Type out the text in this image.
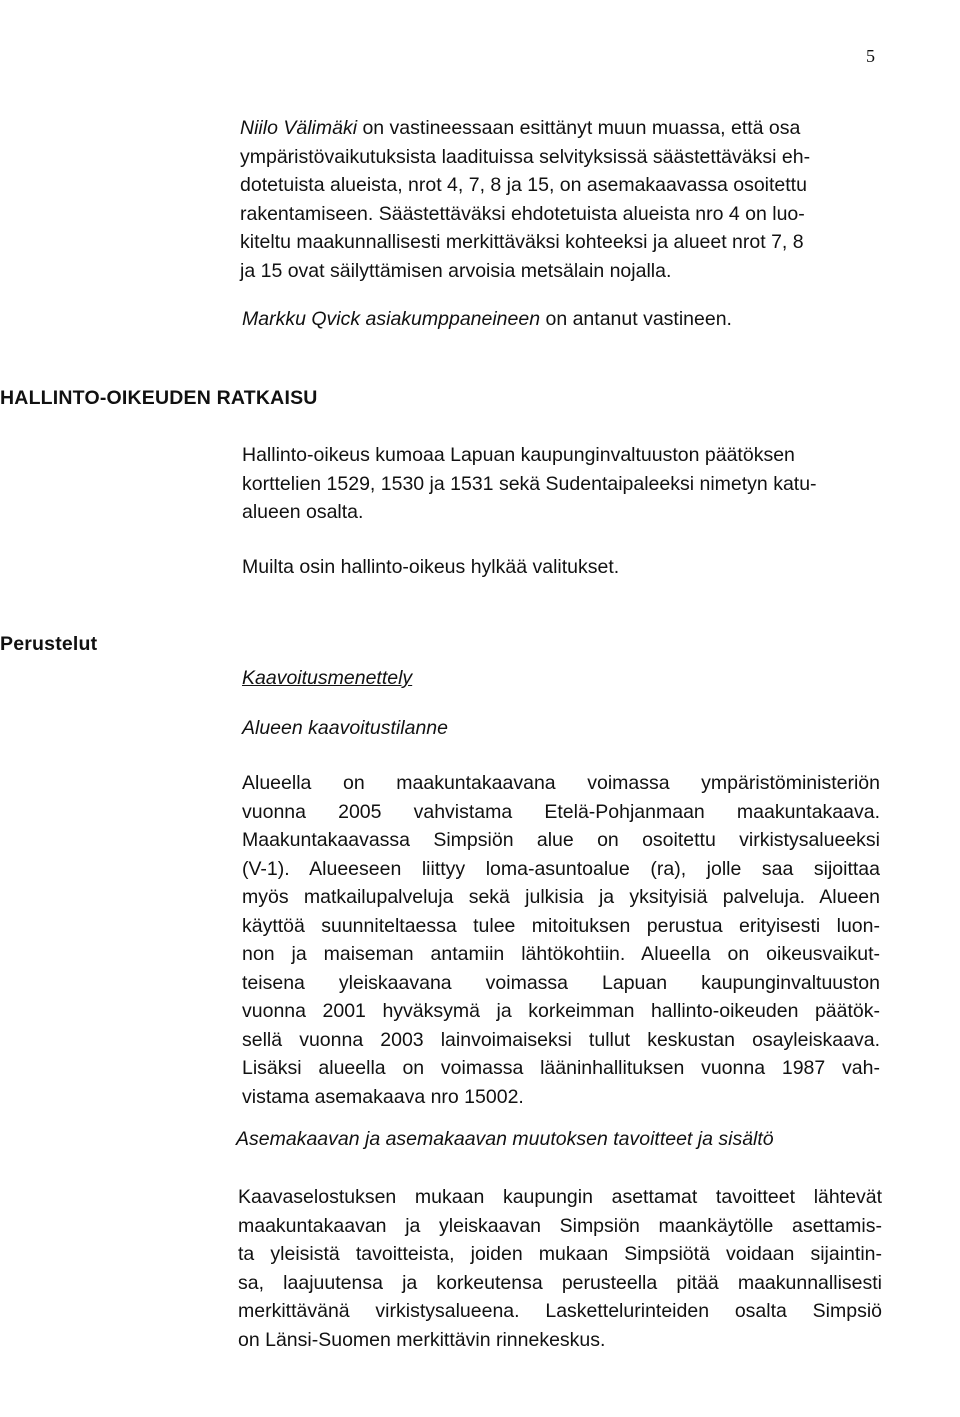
5
Niilo Välimäki on vastineessaan esittänyt muun muassa, että osa
ympäristövaikutuksista laadituissa selvityksissä säästettäväksi eh-
dotetuista alueista, nrot 4, 7, 8 ja 15, on asemakaavassa osoitettu
rakentamiseen. Säästettäväksi ehdotetuista alueista nro 4 on luo-
kiteltu maakunnallisesti merkittäväksi kohteeksi ja alueet nrot 7, 8
ja 15 ovat säilyttämisen arvoisia metsälain nojalla.
Markku Qvick asiakumppaneineen on antanut vastineen.
HALLINTO-OIKEUDEN RATKAISU
Hallinto-oikeus kumoaa Lapuan kaupunginvaltuuston päätöksen
korttelien 1529, 1530 ja 1531 sekä Sudentaipaleeksi nimetyn katu-
alueen osalta.
Muilta osin hallinto-oikeus hylkää valitukset.
Perustelut
Kaavoitusmenettely
Alueen kaavoitustilanne
Alueella on maakuntakaavana voimassa ympäristöministeriön
vuonna 2005 vahvistama Etelä-Pohjanmaan maakuntakaava.
Maakuntakaavassa Simpsiön alue on osoitettu virkistysalueeksi
(V-1). Alueeseen liittyy loma-asuntoalue (ra), jolle saa sijoittaa
myös matkailupalveluja sekä julkisia ja yksityisiä palveluja. Alueen
käyttöä suunniteltaessa tulee mitoituksen perustua erityisesti luon-
non ja maiseman antamiin lähtökohtiin. Alueella on oikeusvaikut-
teisena yleiskaavana voimassa Lapuan kaupunginvaltuuston
vuonna 2001 hyväksymä ja korkeimman hallinto-oikeuden päätök-
sellä vuonna 2003 lainvoimaiseksi tullut keskustan osayleiskaava.
Lisäksi alueella on voimassa lääninhallituksen vuonna 1987 vah-
vistama asemakaava nro 15002.
Asemakaavan ja asemakaavan muutoksen tavoitteet ja sisältö
Kaavaselostuksen mukaan kaupungin asettamat tavoitteet lähtevät
maakuntakaavan ja yleiskaavan Simpsiön maankäytölle asettamis-
ta yleisistä tavoitteista, joiden mukaan Simpsiötä voidaan sijaintin-
sa, laajuutensa ja korkeutensa perusteella pitää maakunnallisesti
merkittävänä virkistysalueena. Laskettelurinteiden osalta Simpsiö
on Länsi-Suomen merkittävin rinnekeskus.
